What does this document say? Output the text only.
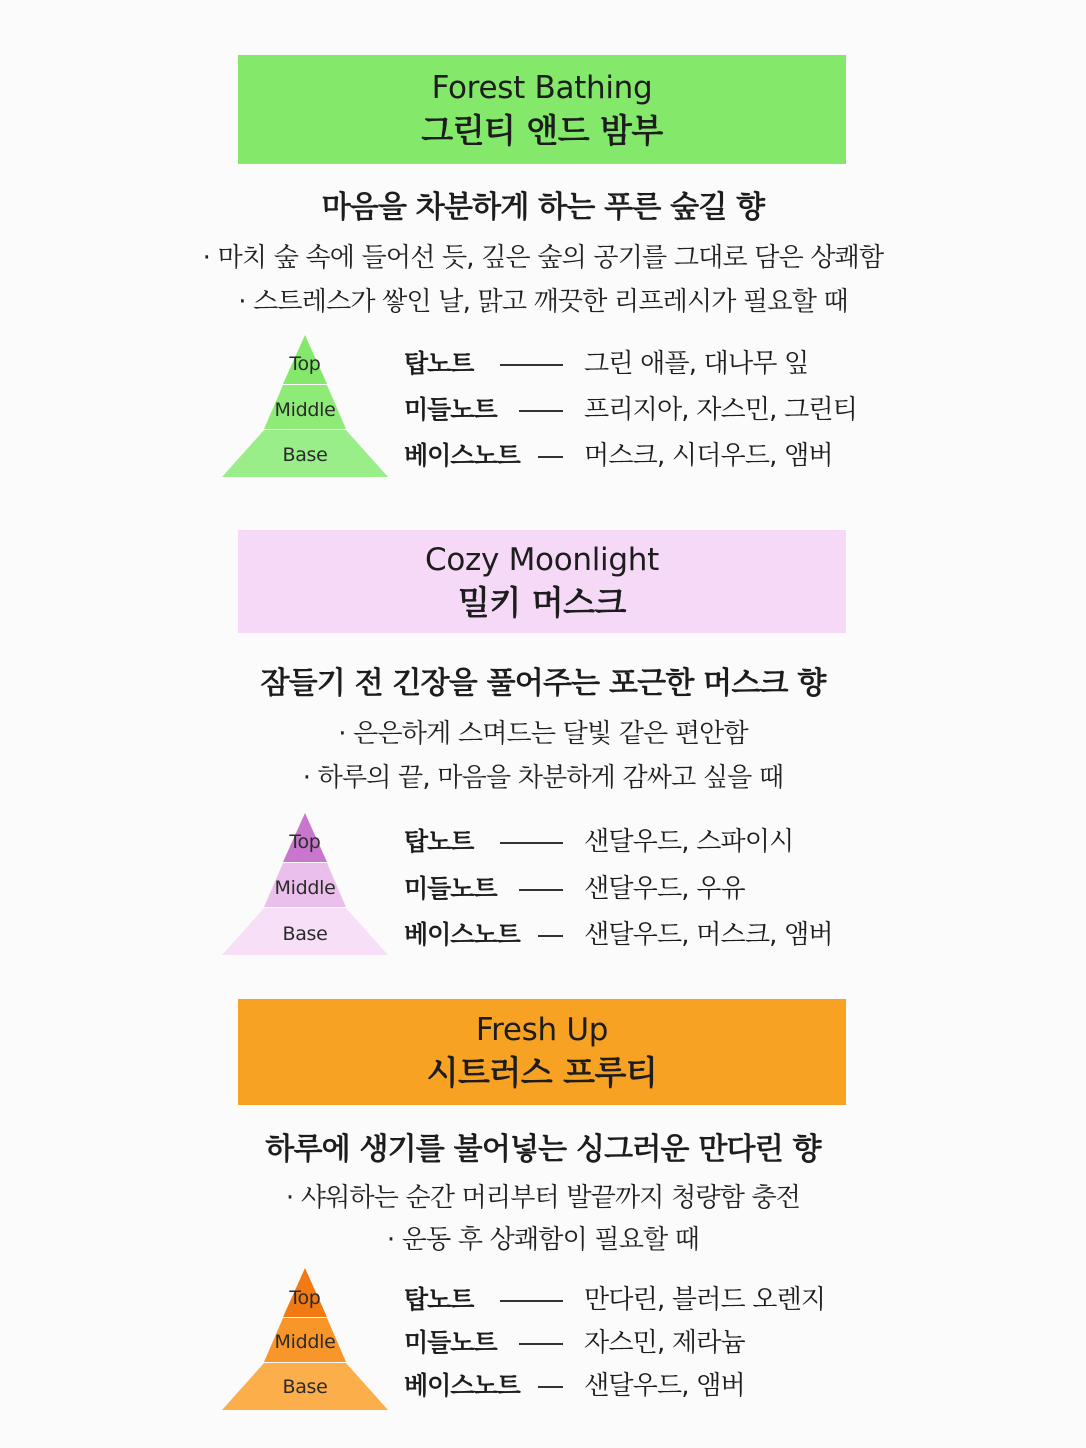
Forest Bathing
그린티 앤드 밤부
마음을 차분하게 하는 푸른 숲길 향
· 마치 숲 속에 들어선 듯, 깊은 숲의 공기를 그대로 담은 상쾌함
· 스트레스가 쌓인 날, 맑고 깨끗한 리프레시가 필요할 때
Top
Middle
Base
탑노트	그린 애플, 대나무 잎
미들노트	프리지아, 자스민, 그린티
베이스노트 머스크, 시더우드, 앰버
Cozy Moonlight
밀키 머스크
잠들기 전 긴장을 풀어주는 포근한 머스크 향
· 은은하게 스며드는 달빛 같은 편안함
· 하루의 끝, 마음을 차분하게 감싸고 싶을 때
Top
Middle
Base
탑노트	샌달우드, 스파이시
미들노트	샌달우드, 우유
베이스노트 샌달우드, 머스크, 앰버
Fresh Up
시트러스 프루티
하루에 생기를 불어넣는 싱그러운 만다린 향
· 샤워하는 순간 머리부터 발끝까지 청량함 충전
· 운동 후 상쾌함이 필요할 때
Top
Middle
Base
탑노트	만다린, 블러드 오렌지
미들노트	자스민, 제라늄
베이스노트 샌달우드, 앰버
